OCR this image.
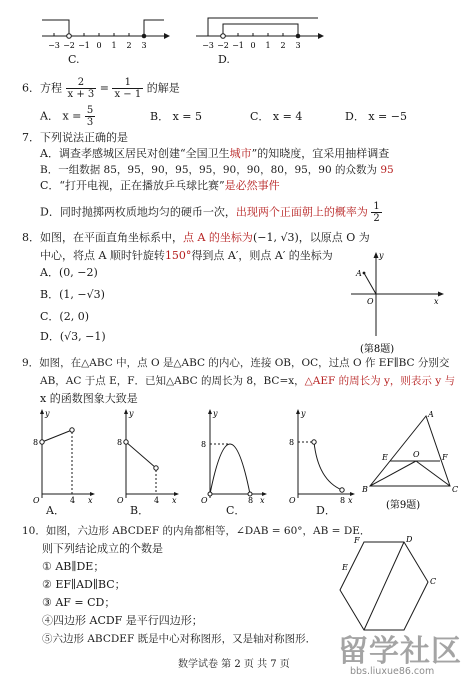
−3 −2 −1 0 1 2 3
C.
−3 −2 −1 0 1 2 3
D.
6．方程 $\frac{2}{x + 3} = \frac{1}{x - 1}$ 的解是
A． $x = \frac{5}{3}$	B． x = 5	C． x = 4	D． x = −5
7．下列说法正确的是
A．调查孝感城区居民对创建“全国卫生城市”的知晓度，宜采用抽样调查
B．一组数据 85，95，90，95，95，90，90，80，95，90 的众数为 95
C．“打开电视，正在播放乒乓球比赛”是必然事件
D．同时抛掷两枚质地均匀的硬币一次，出现两个正面朝上的概率为 $\frac{1}{2}$
8．如图，在平面直角坐标系中，点 A 的坐标为(−1, √3)，以原点 O 为
中心，将点 A 顺时针旋转150°得到点 A′，则点 A′ 的坐标为
A．(0, −2)
B．(1, −√3)
C．(2, 0)
D．(√3, −1)
y
x
A
O
(第8题)
9．如图，在△ABC 中，点 O 是△ABC 的内心，连接 OB，OC，过点 O 作 EF∥BC 分别交
AB，AC 于点 E，F．已知△ABC 的周长为 8，BC=x，△AEF 的周长为 y，则表示 y 与
x 的函数图象大致是
y
x
8
O	4
A．
y
x
8
O	4
B．
y
x
8
O	8
C．
y
x
8
O	8
D．
A
B	C
E	F
O
(第9题)
10．如图，六边形 ABCDEF 的内角都相等，∠DAB = 60°，AB = DE．
则下列结论成立的个数是
① AB∥DE；
② EF∥AD∥BC；
③ AF = CD；
④四边形 ACDF 是平行四边形；
⑤六边形 ABCDEF 既是中心对称图形，又是轴对称图形．
F
E
D
C
数学试卷 第 2 页 共 7 页 留学社区
bbs.liuxue86.com
